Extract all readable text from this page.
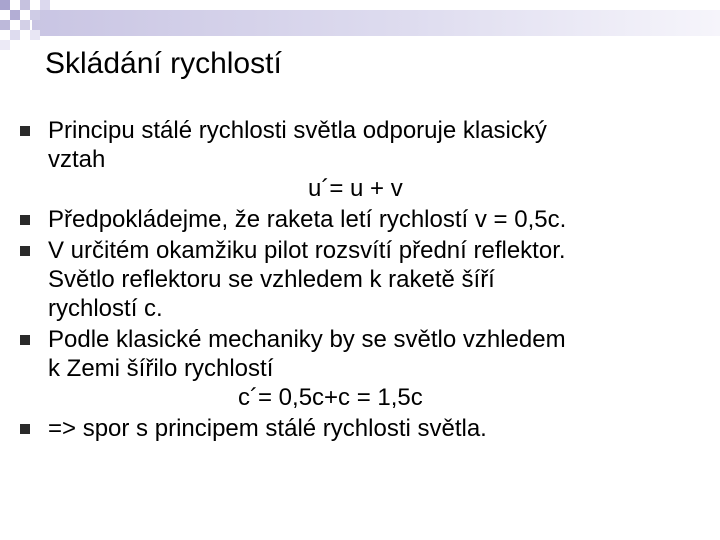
Skládání rychlostí
Principu stálé rychlosti světla odporuje klasický
vztah
u´= u + v
Předpokládejme, že raketa letí rychlostí v = 0,5c.
V určitém okamžiku pilot rozsvítí přední reflektor.
Světlo reflektoru se vzhledem k raketě šíří
rychlostí c.
Podle klasické mechaniky by se světlo vzhledem
k Zemi šířilo rychlostí
c´= 0,5c+c = 1,5c
=> spor s principem stálé rychlosti světla.
